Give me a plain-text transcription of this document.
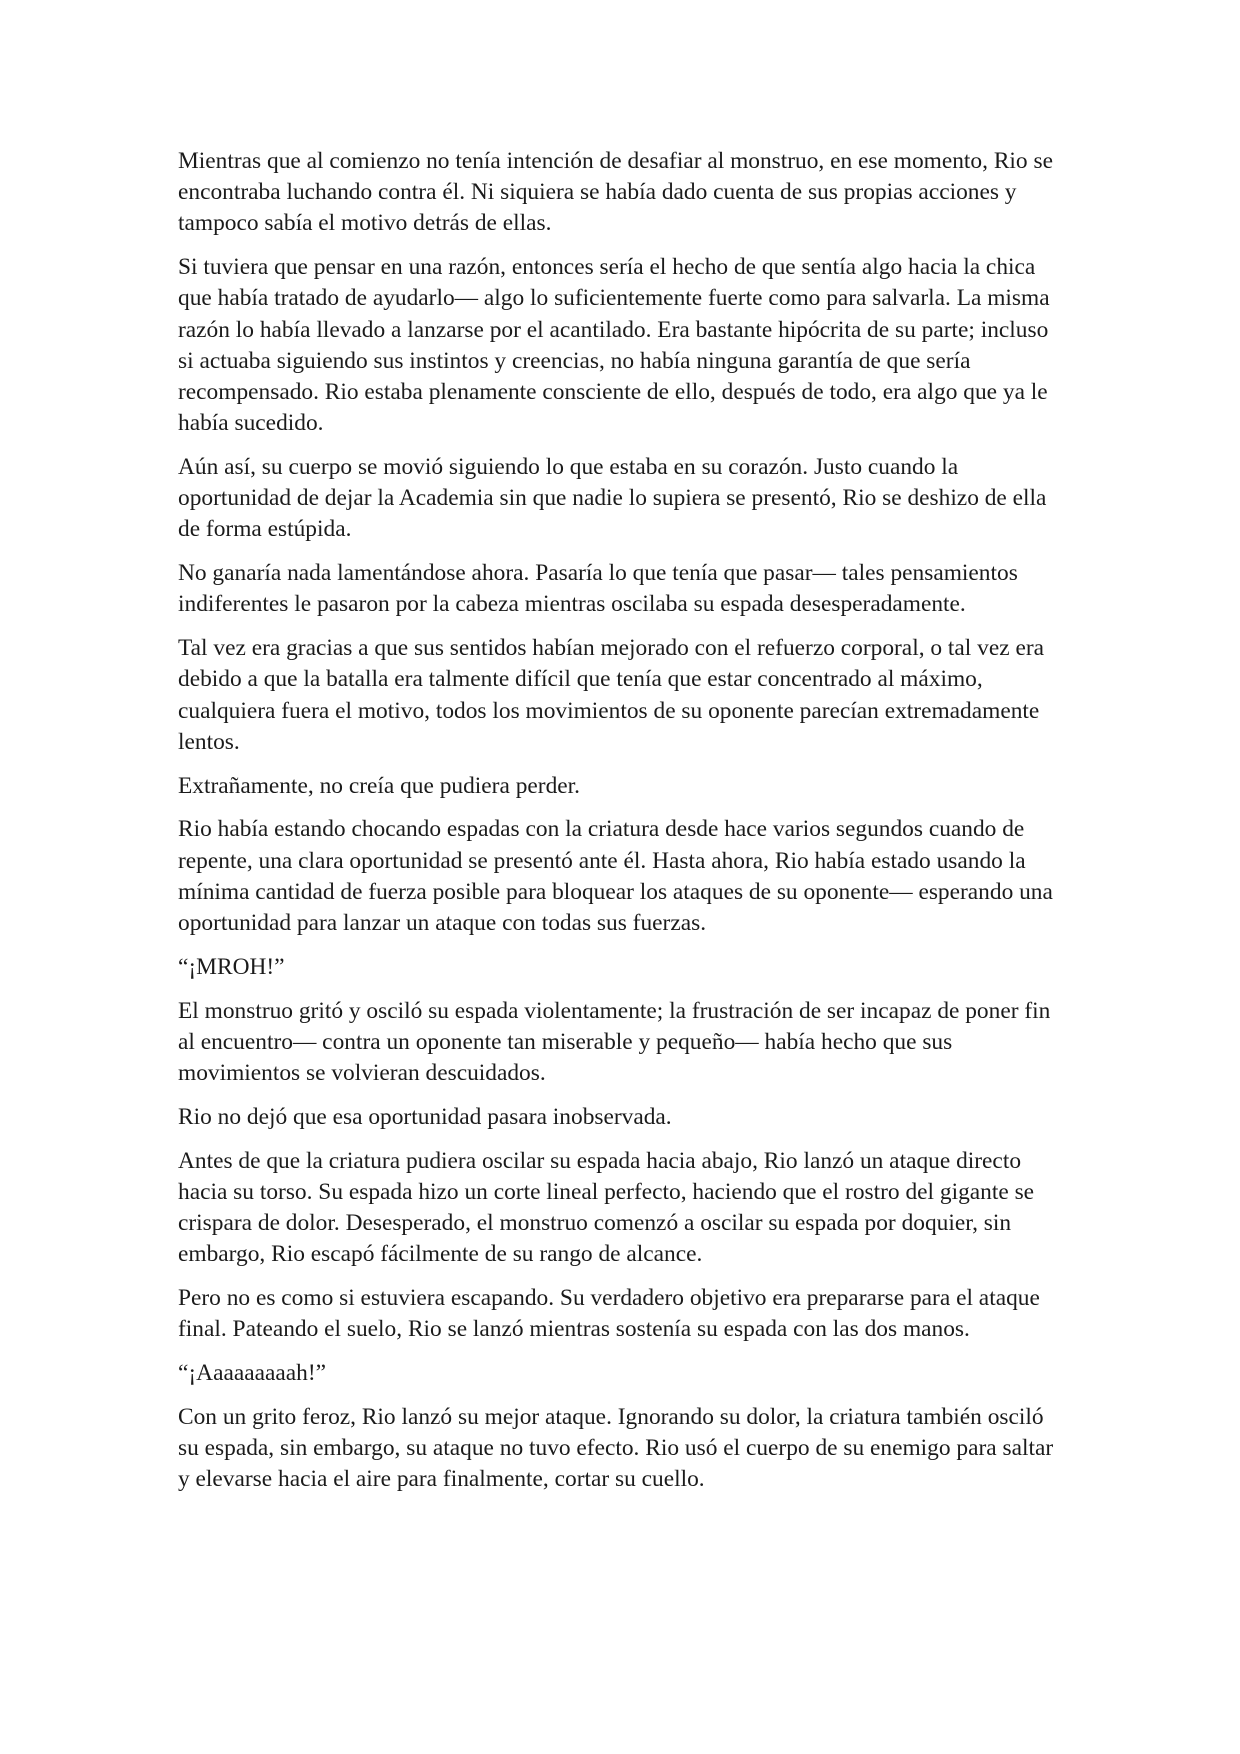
Mientras que al comienzo no tenía intención de desafiar al monstruo, en ese momento, Rio se encontraba luchando contra él. Ni siquiera se había dado cuenta de sus propias acciones y tampoco sabía el motivo detrás de ellas.

Si tuviera que pensar en una razón, entonces sería el hecho de que sentía algo hacia la chica que había tratado de ayudarlo— algo lo suficientemente fuerte como para salvarla. La misma razón lo había llevado a lanzarse por el acantilado. Era bastante hipócrita de su parte; incluso si actuaba siguiendo sus instintos y creencias, no había ninguna garantía de que sería recompensado. Rio estaba plenamente consciente de ello, después de todo, era algo que ya le había sucedido.

Aún así, su cuerpo se movió siguiendo lo que estaba en su corazón. Justo cuando la oportunidad de dejar la Academia sin que nadie lo supiera se presentó, Rio se deshizo de ella de forma estúpida.

No ganaría nada lamentándose ahora. Pasaría lo que tenía que pasar— tales pensamientos indiferentes le pasaron por la cabeza mientras oscilaba su espada desesperadamente.

Tal vez era gracias a que sus sentidos habían mejorado con el refuerzo corporal, o tal vez era debido a que la batalla era talmente difícil que tenía que estar concentrado al máximo, cualquiera fuera el motivo, todos los movimientos de su oponente parecían extremadamente lentos.

Extrañamente, no creía que pudiera perder.

Rio había estando chocando espadas con la criatura desde hace varios segundos cuando de repente, una clara oportunidad se presentó ante él. Hasta ahora, Rio había estado usando la mínima cantidad de fuerza posible para bloquear los ataques de su oponente— esperando una oportunidad para lanzar un ataque con todas sus fuerzas.

“¡MROH!”

El monstruo gritó y osciló su espada violentamente; la frustración de ser incapaz de poner fin al encuentro— contra un oponente tan miserable y pequeño— había hecho que sus movimientos se volvieran descuidados.

Rio no dejó que esa oportunidad pasara inobservada.

Antes de que la criatura pudiera oscilar su espada hacia abajo, Rio lanzó un ataque directo hacia su torso. Su espada hizo un corte lineal perfecto, haciendo que el rostro del gigante se crispara de dolor. Desesperado, el monstruo comenzó a oscilar su espada por doquier, sin embargo, Rio escapó fácilmente de su rango de alcance.

Pero no es como si estuviera escapando. Su verdadero objetivo era prepararse para el ataque final. Pateando el suelo, Rio se lanzó mientras sostenía su espada con las dos manos.

“¡Aaaaaaaaah!”

Con un grito feroz, Rio lanzó su mejor ataque. Ignorando su dolor, la criatura también osciló su espada, sin embargo, su ataque no tuvo efecto. Rio usó el cuerpo de su enemigo para saltar y elevarse hacia el aire para finalmente, cortar su cuello.
